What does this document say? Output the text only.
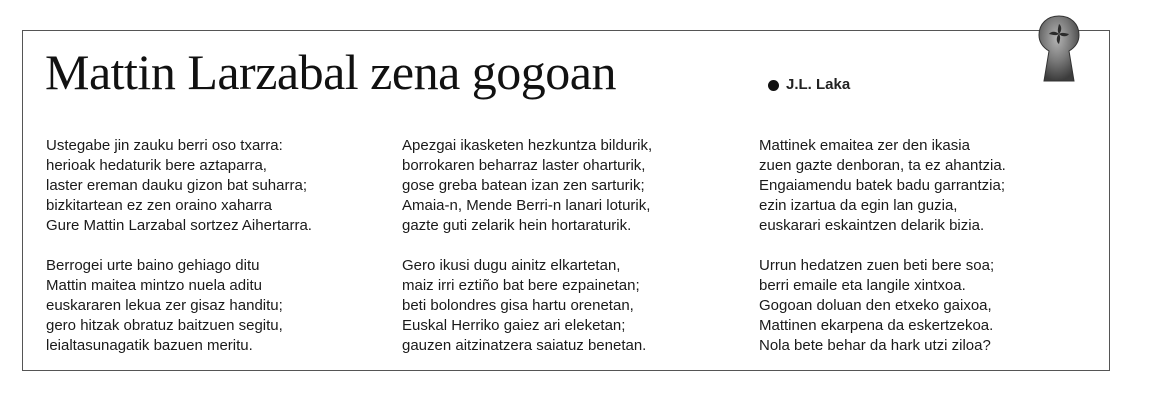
Mattin Larzabal zena gogoan	J.L. Laka

Ustegabe jin zauku berri oso txarra:
herioak hedaturik bere aztaparra,
laster ereman dauku gizon bat suharra;
bizkitartean ez zen oraino xaharra
Gure Mattin Larzabal sortzez Aihertarra.

Berrogei urte baino gehiago ditu
Mattin maitea mintzo nuela aditu
euskararen lekua zer gisaz handitu;
gero hitzak obratuz baitzuen segitu,
leialtasunagatik bazuen meritu.

Apezgai ikasketen hezkuntza bildurik,
borrokaren beharraz laster oharturik,
gose greba batean izan zen sarturik;
Amaia-n, Mende Berri-n lanari loturik,
gazte guti zelarik hein hortaraturik.

Gero ikusi dugu ainitz elkartetan,
maiz irri eztiño bat bere ezpainetan;
beti bolondres gisa hartu orenetan,
Euskal Herriko gaiez ari eleketan;
gauzen aitzinatzera saiatuz benetan.

Mattinek emaitea zer den ikasia
zuen gazte denboran, ta ez ahantzia.
Engaiamendu batek badu garrantzia;
ezin izartua da egin lan guzia,
euskarari eskaintzen delarik bizia.

Urrun hedatzen zuen beti bere soa;
berri emaile eta langile xintxoa.
Gogoan doluan den etxeko gaixoa,
Mattinen ekarpena da eskertzekoa.
Nola bete behar da hark utzi ziloa?
